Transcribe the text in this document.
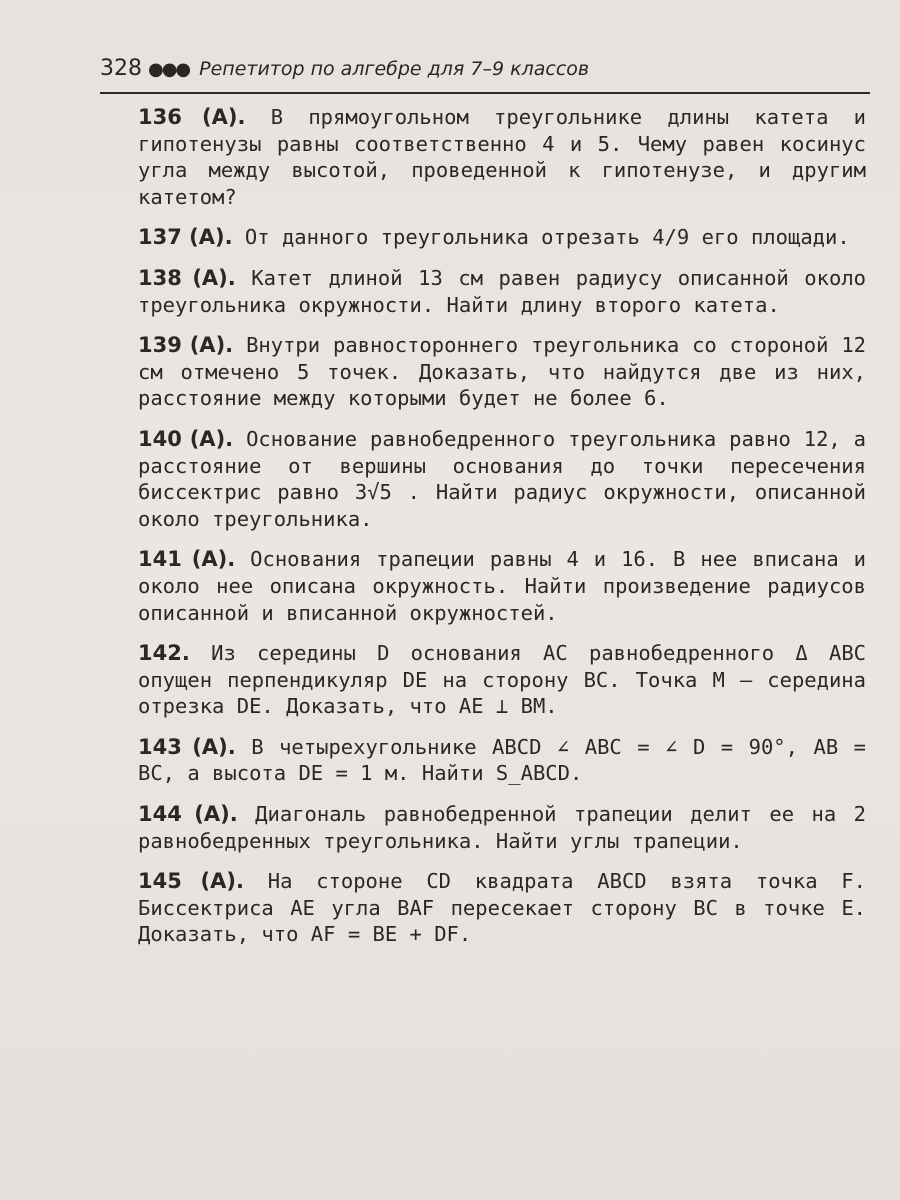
328 ●●● Репетитор по алгебре для 7–9 классов

136 (А). В прямоугольном треугольнике длины катета и гипотенузы равны соответственно 4 и 5. Чему равен косинус угла между высотой, проведенной к гипотенузе, и другим катетом?

137 (А). От данного треугольника отрезать 4/9 его площади.

138 (А). Катет длиной 13 см равен радиусу описанной около треугольника окружности. Найти длину второго катета.

139 (А). Внутри равностороннего треугольника со стороной 12 см отмечено 5 точек. Доказать, что найдутся две из них, расстояние между которыми будет не более 6.

140 (А). Основание равнобедренного треугольника равно 12, а расстояние от вершины основания до точки пересечения биссектрис равно 3√5 . Найти радиус окружности, описанной около треугольника.

141 (А). Основания трапеции равны 4 и 16. В нее вписана и около нее описана окружность. Найти произведение радиусов описанной и вписанной окружностей.

142. Из середины D основания AC равнобедренного Δ ABC опущен перпендикуляр DE на сторону BC. Точка M — середина отрезка DE. Доказать, что AE ⊥ BM.

143 (А). В четырехугольнике ABCD ∠ ABC = ∠ D = 90°, AB = BC, а высота DE = 1 м. Найти S_ABCD.

144 (А). Диагональ равнобедренной трапеции делит ее на 2 равнобедренных треугольника. Найти углы трапеции.

145 (А). На стороне CD квадрата ABCD взята точка F. Биссектриса AE угла BAF пересекает сторону BC в точке E. Доказать, что AF = BE + DF.
